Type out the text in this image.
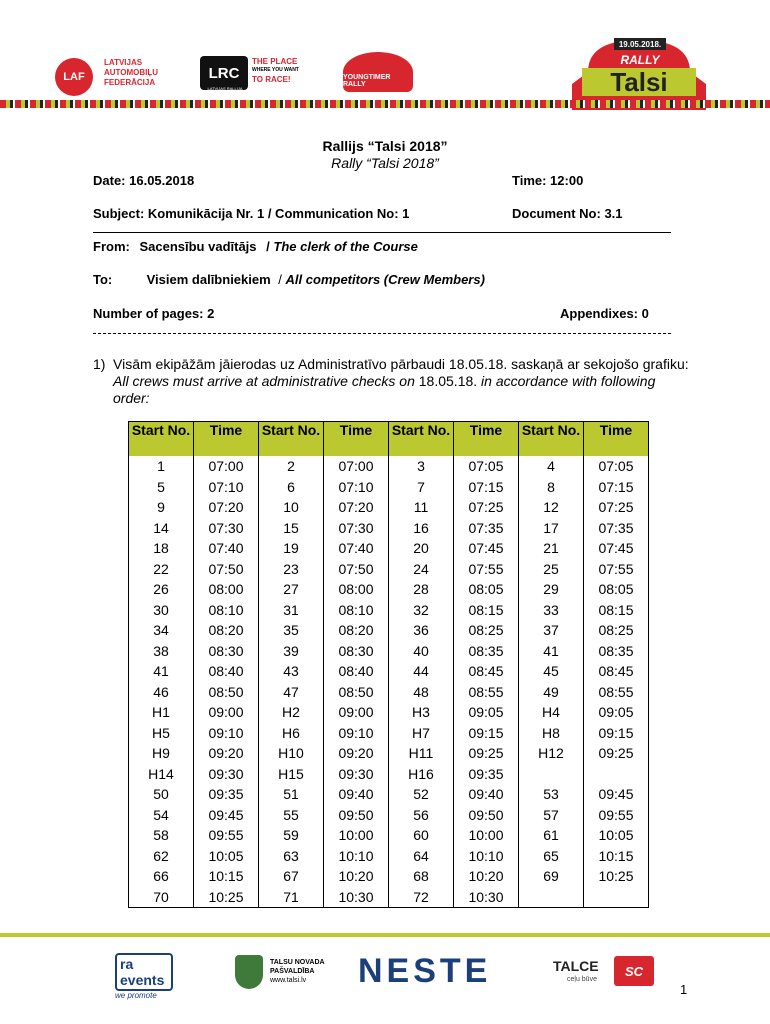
LAF
LATVIJAS
AUTOMOBIĻU
FEDERĀCIJA
LRC
LATVIJAS RALLIJA ČEMPIONĀTS
THE PLACE
WHERE YOU WANT
TO RACE!	YOUNGTIMER RALLY
19.05.2018.
RALLY
Talsi
Rallijs “Talsi 2018”
Rally “Talsi 2018”
Date: 16.05.2018	Time: 12:00
Subject: Komunikācija Nr. 1 / Communication No: 1	Document No: 3.1
From: Sacensību vadītājs / The clerk of the Course
To:	Visiem dalībniekiem / All competitors (Crew Members)
Number of pages: 2	Appendixes: 0
1) Visām ekipāžām jāierodas uz Administratīvo pārbaudi 18.05.18. saskaņā ar sekojošo grafiku:
All crews must arrive at administrative checks on 18.05.18. in accordance with following order:
Start No.	Time	Start No.	Time	Start No.	Time	Start No.	Time
1	07:00	2	07:00	3	07:05	4	07:05
5	07:10	6	07:10	7	07:15	8	07:15
9	07:20	10	07:20	11	07:25	12	07:25
14	07:30	15	07:30	16	07:35	17	07:35
18	07:40	19	07:40	20	07:45	21	07:45
22	07:50	23	07:50	24	07:55	25	07:55
26	08:00	27	08:00	28	08:05	29	08:05
30	08:10	31	08:10	32	08:15	33	08:15
34	08:20	35	08:20	36	08:25	37	08:25
38	08:30	39	08:30	40	08:35	41	08:35
41	08:40	43	08:40	44	08:45	45	08:45
46	08:50	47	08:50	48	08:55	49	08:55
H1	09:00	H2	09:00	H3	09:05	H4	09:05
H5	09:10	H6	09:10	H7	09:15	H8	09:15
H9	09:20	H10	09:20	H11	09:25	H12	09:25
H14	09:30	H15	09:30	H16	09:35		
50	09:35	51	09:40	52	09:40	53	09:45
54	09:45	55	09:50	56	09:50	57	09:55
58	09:55	59	10:00	60	10:00	61	10:05
62	10:05	63	10:10	64	10:10	65	10:15
66	10:15	67	10:20	68	10:20	69	10:25
70	10:25	71	10:30	72	10:30		
ra events
we promote
TALSU NOVADA
PAŠVALDĪBA
www.talsi.lv	NESTE	TALCE
ceļu būve
SC
1
